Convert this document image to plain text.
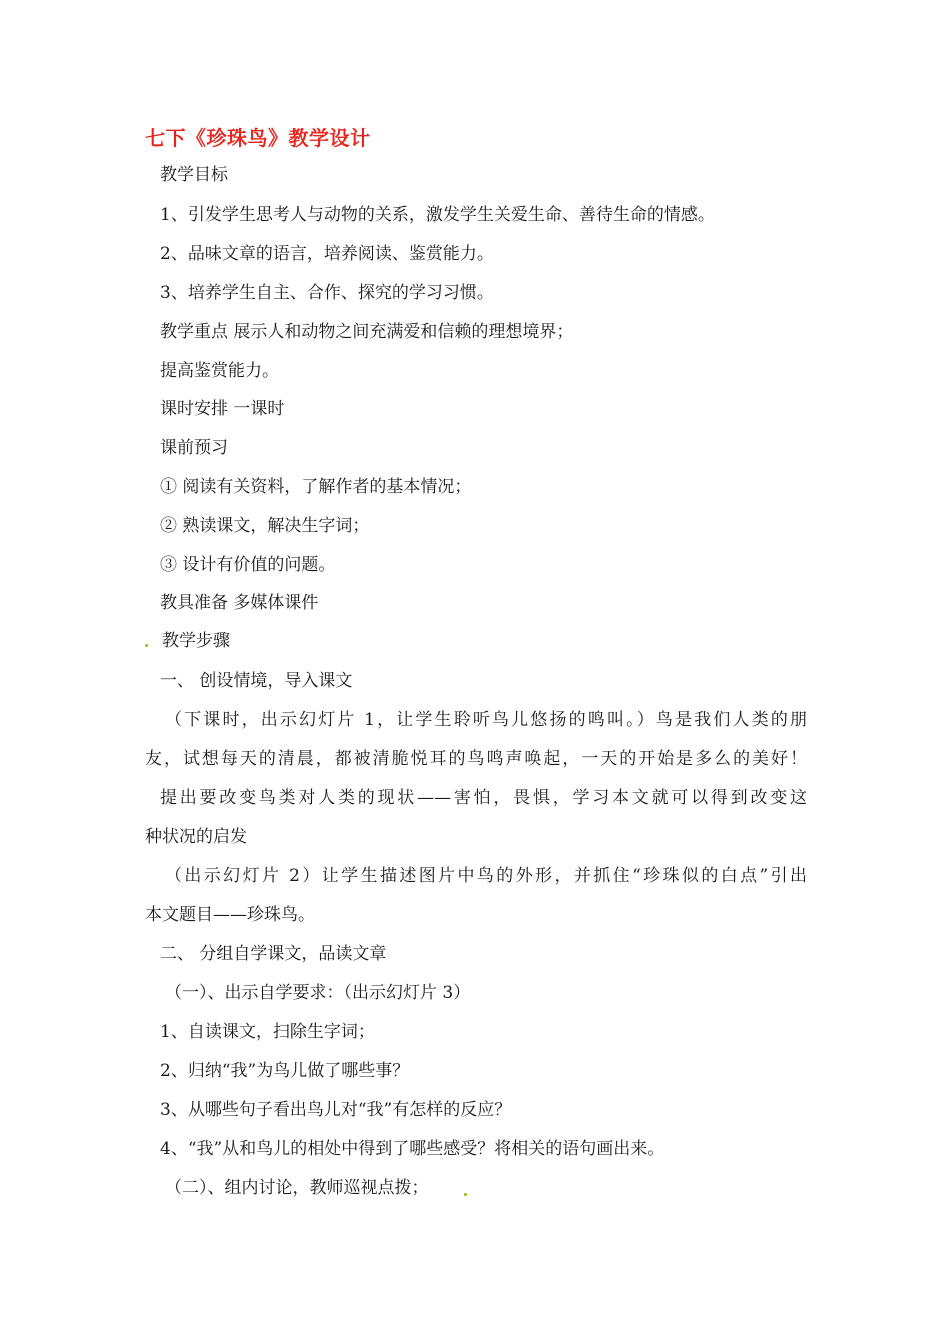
七下《珍珠鸟》教学设计
教学目标
1、引发学生思考人与动物的关系，激发学生关爱生命、善待生命的情感。
2、品味文章的语言，培养阅读、鉴赏能力。
3、培养学生自主、合作、探究的学习习惯。
教学重点 展示人和动物之间充满爱和信赖的理想境界；
提高鉴赏能力。
课时安排 一课时
课前预习
① 阅读有关资料，了解作者的基本情况；
② 熟读课文，解决生字词；
③ 设计有价值的问题。
教具准备 多媒体课件
教学步骤
一、 创设情境，导入课文
（下课时，出示幻灯片 1，让学生聆听鸟儿悠扬的鸣叫。）鸟是我们人类的朋
友，试想每天的清晨，都被清脆悦耳的鸟鸣声唤起，一天的开始是多么的美好！
提出要改变鸟类对人类的现状——害怕，畏惧，学习本文就可以得到改变这
种状况的启发
（出示幻灯片 2）让学生描述图片中鸟的外形，并抓住“珍珠似的白点”引出
本文题目——珍珠鸟。
二、 分组自学课文，品读文章
（一）、出示自学要求：（出示幻灯片 3）
1、自读课文，扫除生字词；
2、归纳“我”为鸟儿做了哪些事？
3、从哪些句子看出鸟儿对“我”有怎样的反应？
4、“我”从和鸟儿的相处中得到了哪些感受？将相关的语句画出来。
（二）、组内讨论，教师巡视点拨；
